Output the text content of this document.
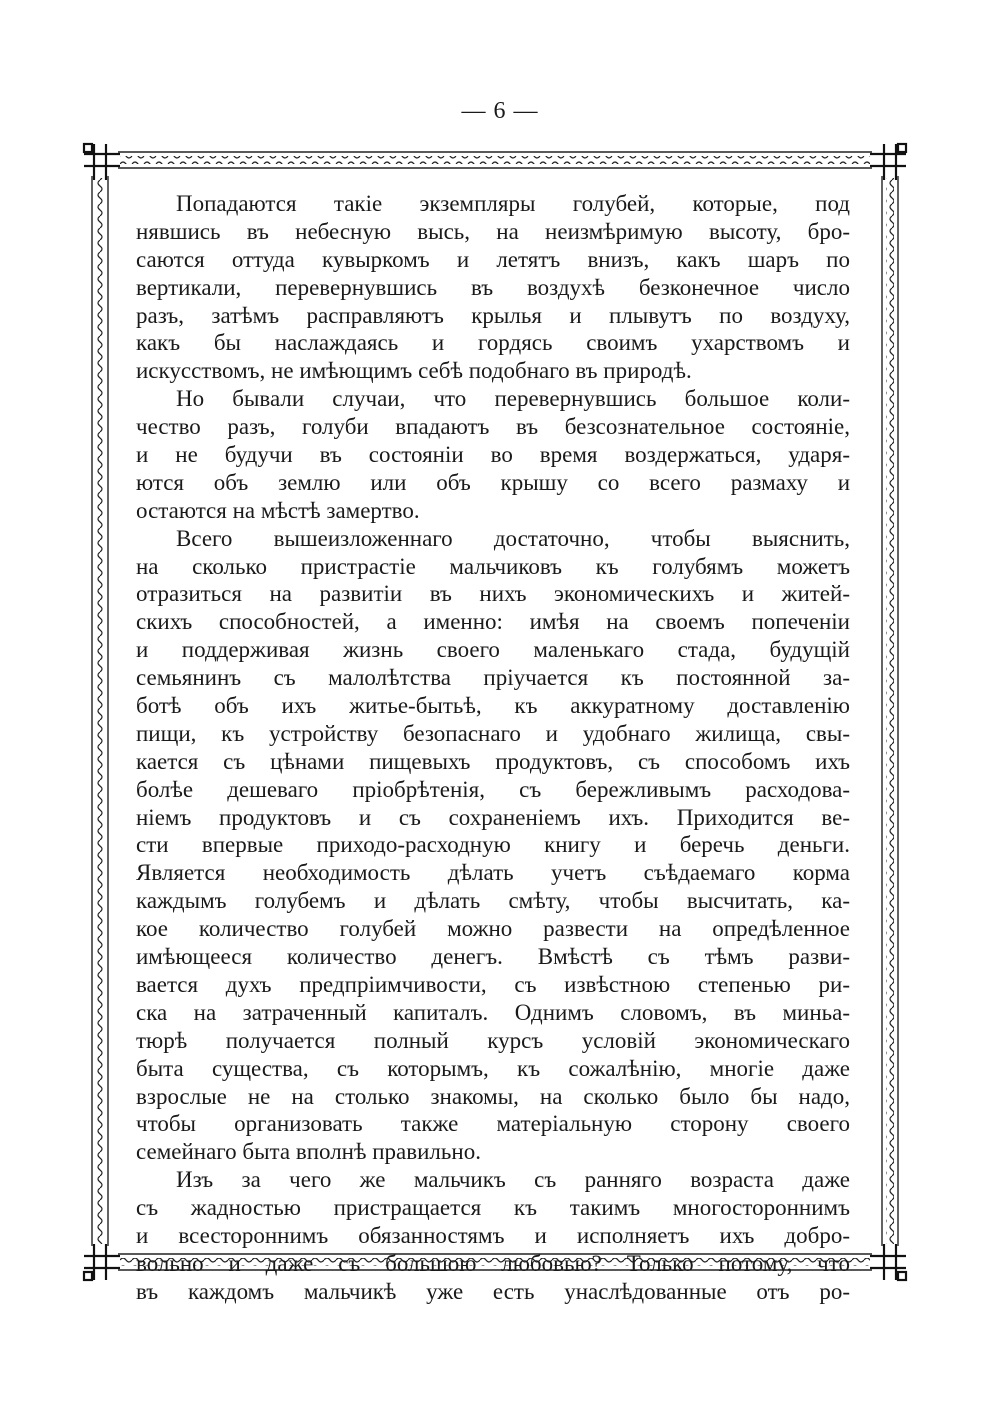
— 6 —
Попадаются такіе экземпляры голубей, которые, под
нявшись въ небесную высь, на неизмѣримую высоту, бро-
саются оттуда кувыркомъ и летятъ внизъ, какъ шаръ по
вертикали, перевернувшись въ воздухѣ безконечное число
разъ, затѣмъ расправляютъ крылья и плывутъ по воздуху,
какъ бы наслаждаясь и гордясь своимъ ухарствомъ и
искусствомъ, не имѣющимъ себѣ подобнаго въ природѣ.
Но бывали случаи, что перевернувшись большое коли-
чество разъ, голуби впадаютъ въ безсознательное состояніе,
и не будучи въ состояніи во время воздержаться, ударя-
ются объ землю или объ крышу со всего размаху и
остаются на мѣстѣ замертво.
Всего вышеизложеннаго достаточно, чтобы выяснить,
на сколько пристрастіе мальчиковъ къ голубямъ можетъ
отразиться на развитіи въ нихъ экономическихъ и житей-
скихъ способностей, а именно: имѣя на своемъ попеченіи
и поддерживая жизнь своего маленькаго стада, будущій
семьянинъ съ малолѣтства пріучается къ постоянной за-
ботѣ объ ихъ житье-бытьѣ, къ аккуратному доставленію
пищи, къ устройству безопаснаго и удобнаго жилища, свы-
кается съ цѣнами пищевыхъ продуктовъ, съ способомъ ихъ
болѣе дешеваго пріобрѣтенія, съ бережливымъ расходова-
ніемъ продуктовъ и съ сохраненіемъ ихъ. Приходится ве-
сти впервые приходо-расходную книгу и беречь деньги.
Является необходимость дѣлать учетъ съѣдаемаго корма
каждымъ голубемъ и дѣлать смѣту, чтобы высчитать, ка-
кое количество голубей можно развести на опредѣленное
имѣющееся количество денегъ. Вмѣстѣ съ тѣмъ разви-
вается духъ предпріимчивости, съ извѣстною степенью ри-
ска на затраченный капиталъ. Однимъ словомъ, въ миньа-
тюрѣ получается полный курсъ условій экономическаго
быта существа, съ которымъ, къ сожалѣнію, многіе даже
взрослые не на столько знакомы, на сколько было бы надо,
чтобы организовать также матеріальную сторону своего
семейнаго быта вполнѣ правильно.
Изъ за чего же мальчикъ съ ранняго возраста даже
съ жадностью пристращается къ такимъ многостороннимъ
и всестороннимъ обязанностямъ и исполняетъ ихъ добро-
вольно и даже съ большою любовью? Только потому, что
въ каждомъ мальчикѣ уже есть унаслѣдованные отъ ро-
